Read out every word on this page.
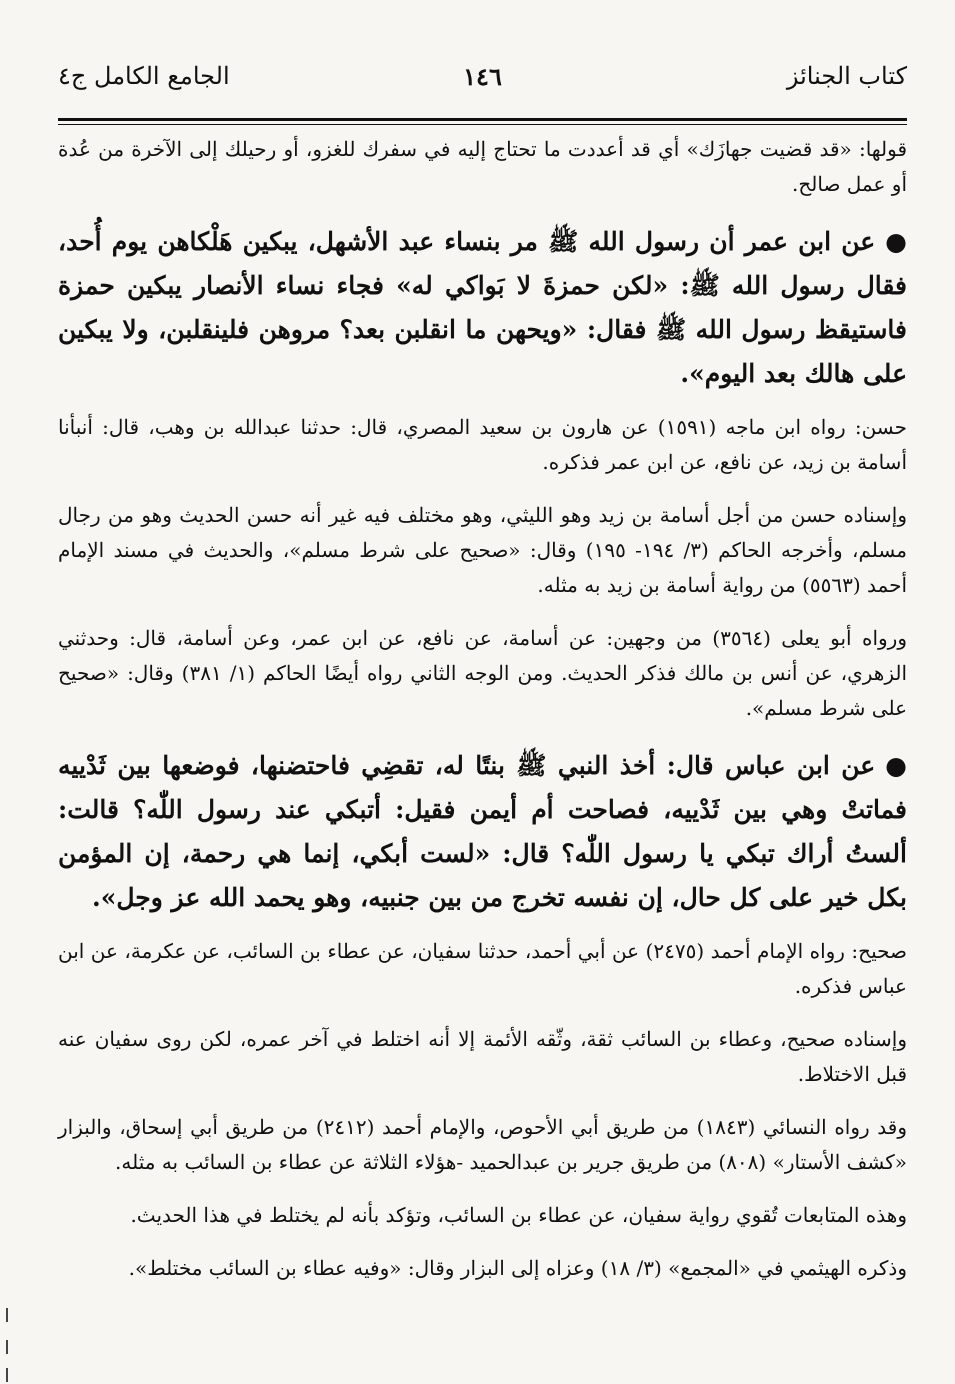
كتاب الجنائز
١٤٦
الجامع الكامل ج٤

قولها: «قد قضيت جهازَك» أي قد أعددت ما تحتاج إليه في سفرك للغزو، أو رحيلك إلى الآخرة من عُدة أو عمل صالح.

●عن ابن عمر أن رسول الله ﷺ مر بنساء عبد الأشهل، يبكين هَلْكاهن يوم أُحد، فقال رسول الله ﷺ: «لكن حمزةَ لا بَواكي له» فجاء نساء الأنصار يبكين حمزة فاستيقظ رسول الله ﷺ فقال: «ويحهن ما انقلبن بعد؟ مروهن فلينقلبن، ولا يبكين على هالك بعد اليوم».

حسن: رواه ابن ماجه (١٥٩١) عن هارون بن سعيد المصري، قال: حدثنا عبدالله بن وهب، قال: أنبأنا أسامة بن زيد، عن نافع، عن ابن عمر فذكره.

وإسناده حسن من أجل أسامة بن زيد وهو الليثي، وهو مختلف فيه غير أنه حسن الحديث وهو من رجال مسلم، وأخرجه الحاكم (٣/ ١٩٤- ١٩٥) وقال: «صحيح على شرط مسلم»، والحديث في مسند الإمام أحمد (٥٥٦٣) من رواية أسامة بن زيد به مثله.

ورواه أبو يعلى (٣٥٦٤) من وجهين: عن أسامة، عن نافع، عن ابن عمر، وعن أسامة، قال: وحدثني الزهري، عن أنس بن مالك فذكر الحديث. ومن الوجه الثاني رواه أيضًا الحاكم (١/ ٣٨١) وقال: «صحيح على شرط مسلم».

●عن ابن عباس قال: أخذ النبي ﷺ بنتًا له، تقضِي فاحتضنها، فوضعها بين ثَدْييه فماتتْ وهي بين ثَدْييه، فصاحت أم أيمن فقيل: أتبكي عند رسول اللّٰه؟ قالت: ألستُ أراك تبكي يا رسول اللّٰه؟ قال: «لست أبكي، إنما هي رحمة، إن المؤمن بكل خير على كل حال، إن نفسه تخرج من بين جنبيه، وهو يحمد الله عز وجل».

صحيح: رواه الإمام أحمد (٢٤٧٥) عن أبي أحمد، حدثنا سفيان، عن عطاء بن السائب، عن عكرمة، عن ابن عباس فذكره.

وإسناده صحيح، وعطاء بن السائب ثقة، وثّقه الأئمة إلا أنه اختلط في آخر عمره، لكن روى سفيان عنه قبل الاختلاط.

وقد رواه النسائي (١٨٤٣) من طريق أبي الأحوص، والإمام أحمد (٢٤١٢) من طريق أبي إسحاق، والبزار «كشف الأستار» (٨٠٨) من طريق جرير بن عبدالحميد -هؤلاء الثلاثة عن عطاء بن السائب به مثله.

وهذه المتابعات تُقوي رواية سفيان، عن عطاء بن السائب، وتؤكد بأنه لم يختلط في هذا الحديث.

وذكره الهيثمي في «المجمع» (٣/ ١٨) وعزاه إلى البزار وقال: «وفيه عطاء بن السائب مختلط».
